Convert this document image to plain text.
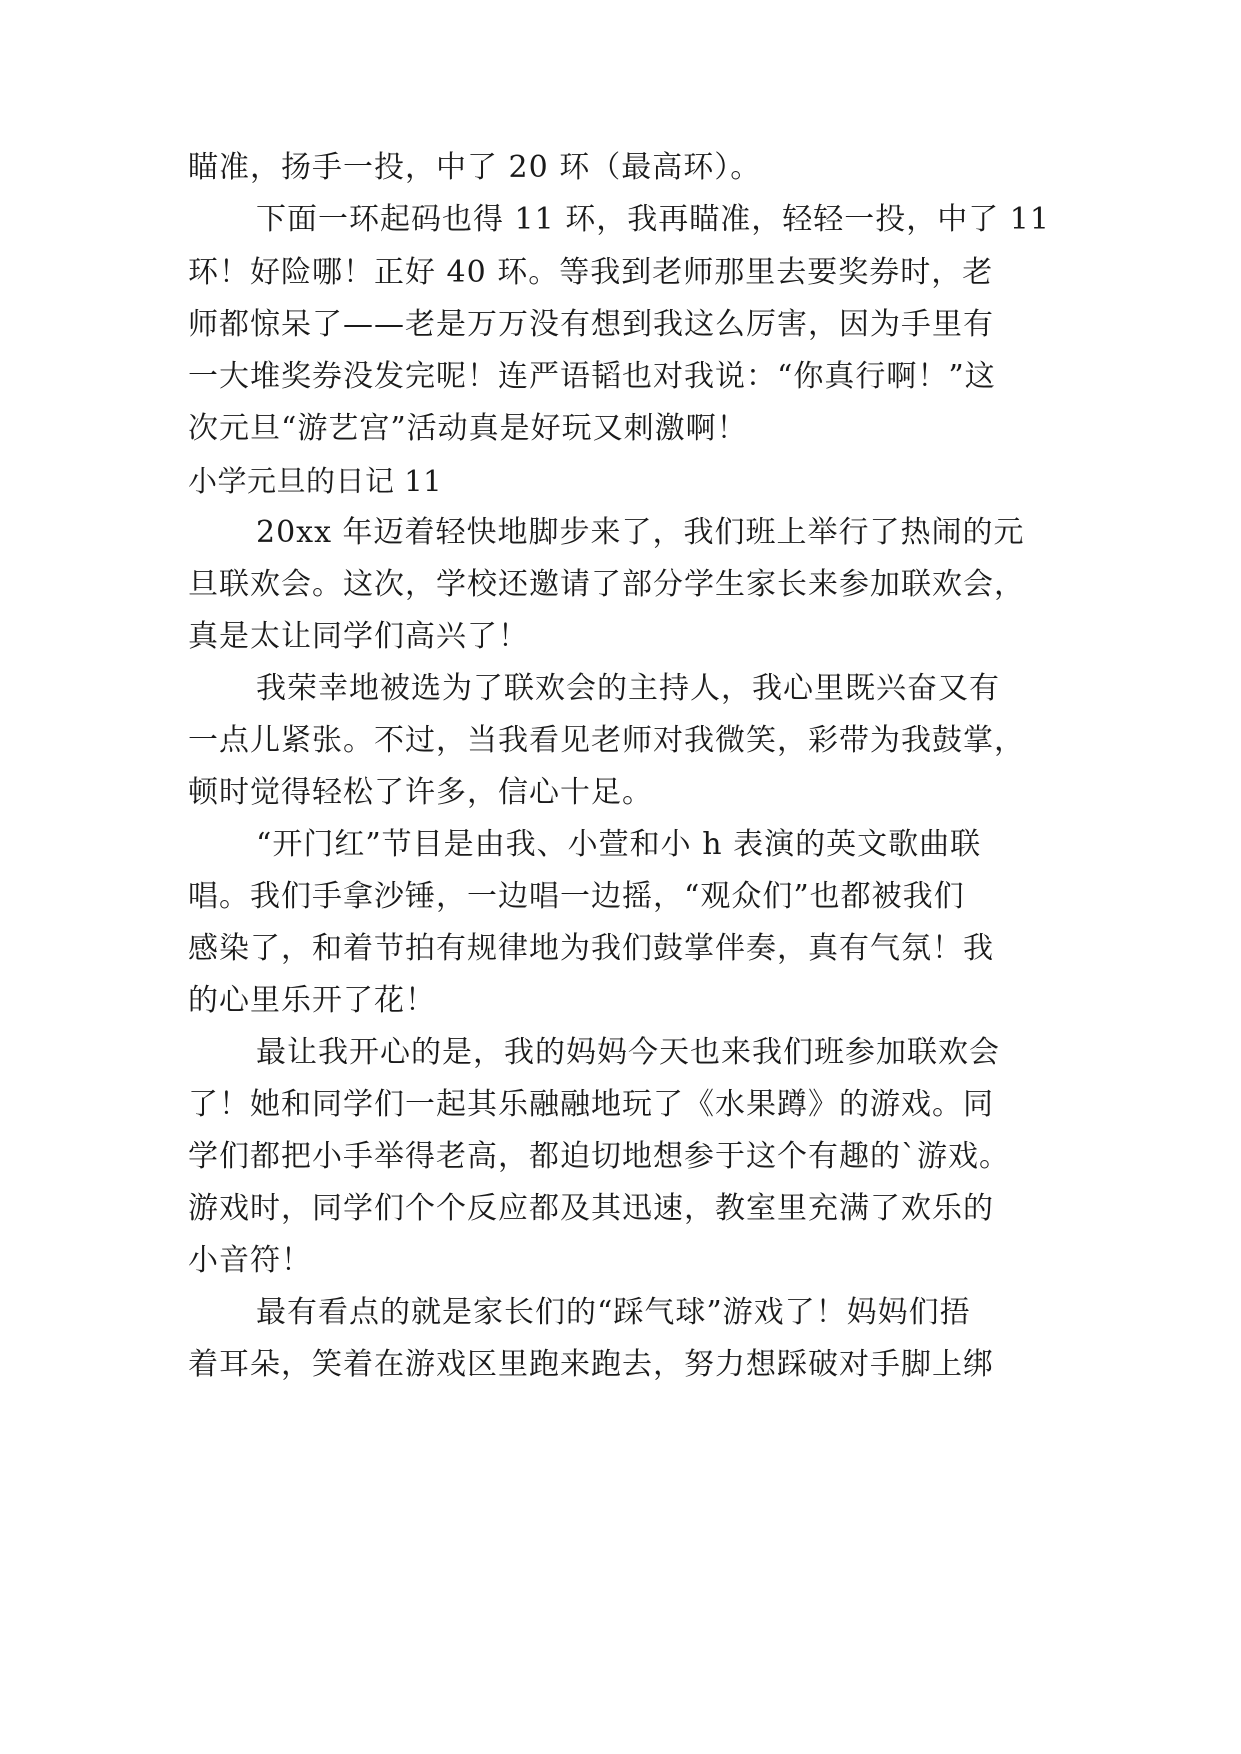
瞄准，扬手一投，中了 20 环（最高环）。
下面一环起码也得 11 环，我再瞄准，轻轻一投，中了 11
环！好险哪！正好 40 环。等我到老师那里去要奖券时，老
师都惊呆了——老是万万没有想到我这么厉害，因为手里有
一大堆奖券没发完呢！连严语韬也对我说：“你真行啊！”这
次元旦“游艺宫”活动真是好玩又刺激啊！
小学元旦的日记 11
20xx 年迈着轻快地脚步来了，我们班上举行了热闹的元
旦联欢会。这次，学校还邀请了部分学生家长来参加联欢会，
真是太让同学们高兴了！
我荣幸地被选为了联欢会的主持人，我心里既兴奋又有
一点儿紧张。不过，当我看见老师对我微笑，彩带为我鼓掌，
顿时觉得轻松了许多，信心十足。
“开门红”节目是由我、小萱和小 h 表演的英文歌曲联
唱。我们手拿沙锤，一边唱一边摇，“观众们”也都被我们
感染了，和着节拍有规律地为我们鼓掌伴奏，真有气氛！我
的心里乐开了花！
最让我开心的是，我的妈妈今天也来我们班参加联欢会
了！她和同学们一起其乐融融地玩了《水果蹲》的游戏。同
学们都把小手举得老高，都迫切地想参于这个有趣的`游戏。
游戏时，同学们个个反应都及其迅速，教室里充满了欢乐的
小音符！
最有看点的就是家长们的“踩气球”游戏了！妈妈们捂
着耳朵，笑着在游戏区里跑来跑去，努力想踩破对手脚上绑
